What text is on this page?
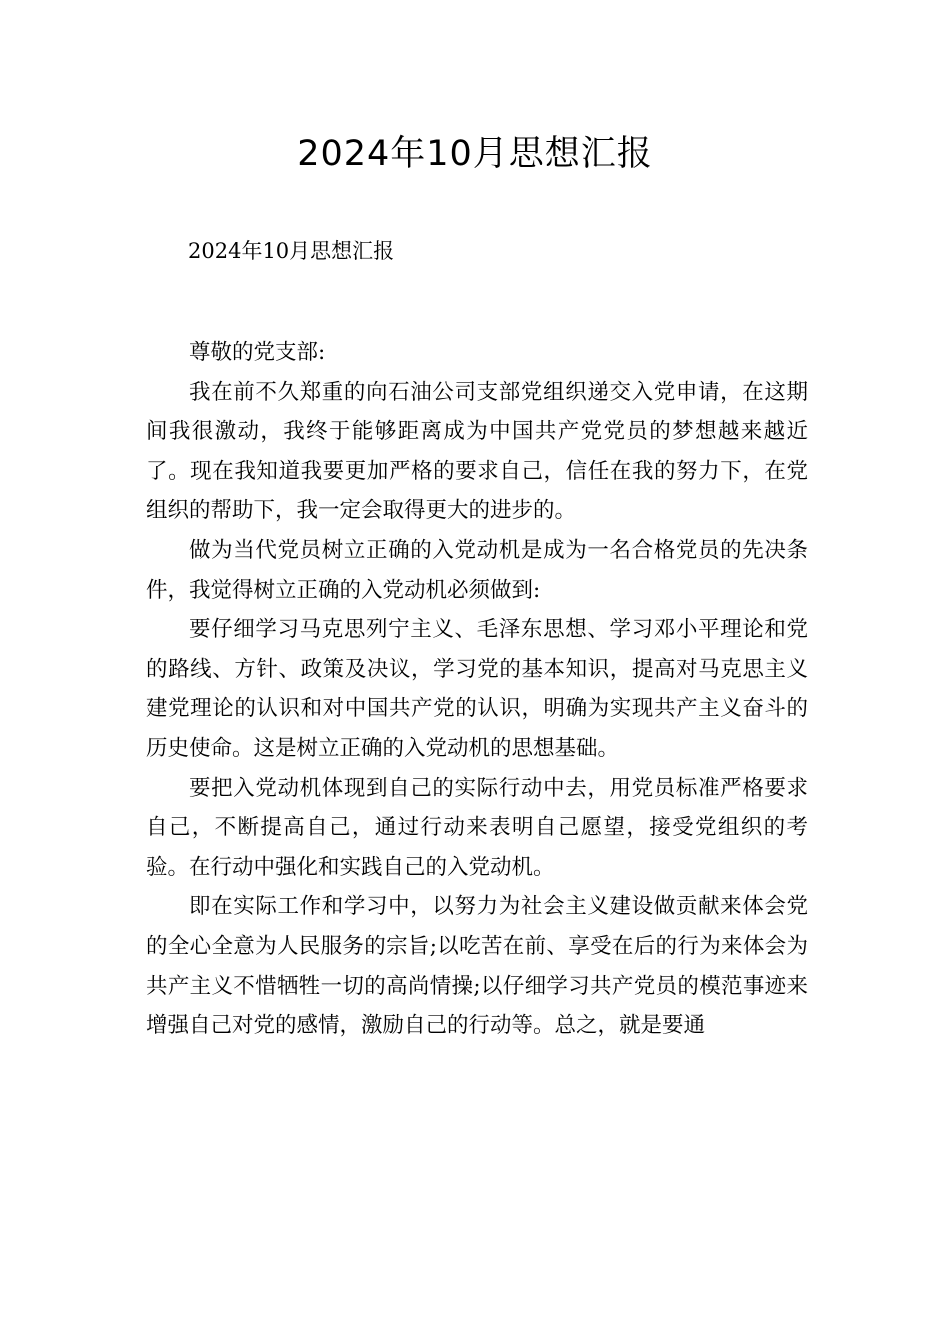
2024年10月思想汇报
2024年10月思想汇报

尊敬的党支部:

我在前不久郑重的向石油公司支部党组织递交入党申请，在这期间我很激动，我终于能够距离成为中国共产党党员的梦想越来越近了。现在我知道我要更加严格的要求自己，信任在我的努力下，在党组织的帮助下，我一定会取得更大的进步的。

做为当代党员树立正确的入党动机是成为一名合格党员的先决条件，我觉得树立正确的入党动机必须做到:

要仔细学习马克思列宁主义、毛泽东思想、学习邓小平理论和党的路线、方针、政策及决议，学习党的基本知识，提高对马克思主义建党理论的认识和对中国共产党的认识，明确为实现共产主义奋斗的历史使命。这是树立正确的入党动机的思想基础。

要把入党动机体现到自己的实际行动中去，用党员标准严格要求自己，不断提高自己，通过行动来表明自己愿望，接受党组织的考验。在行动中强化和实践自己的入党动机。

即在实际工作和学习中，以努力为社会主义建设做贡献来体会党的全心全意为人民服务的宗旨;以吃苦在前、享受在后的行为来体会为共产主义不惜牺牲一切的高尚情操;以仔细学习共产党员的模范事迹来增强自己对党的感情，激励自己的行动等。总之，就是要通
